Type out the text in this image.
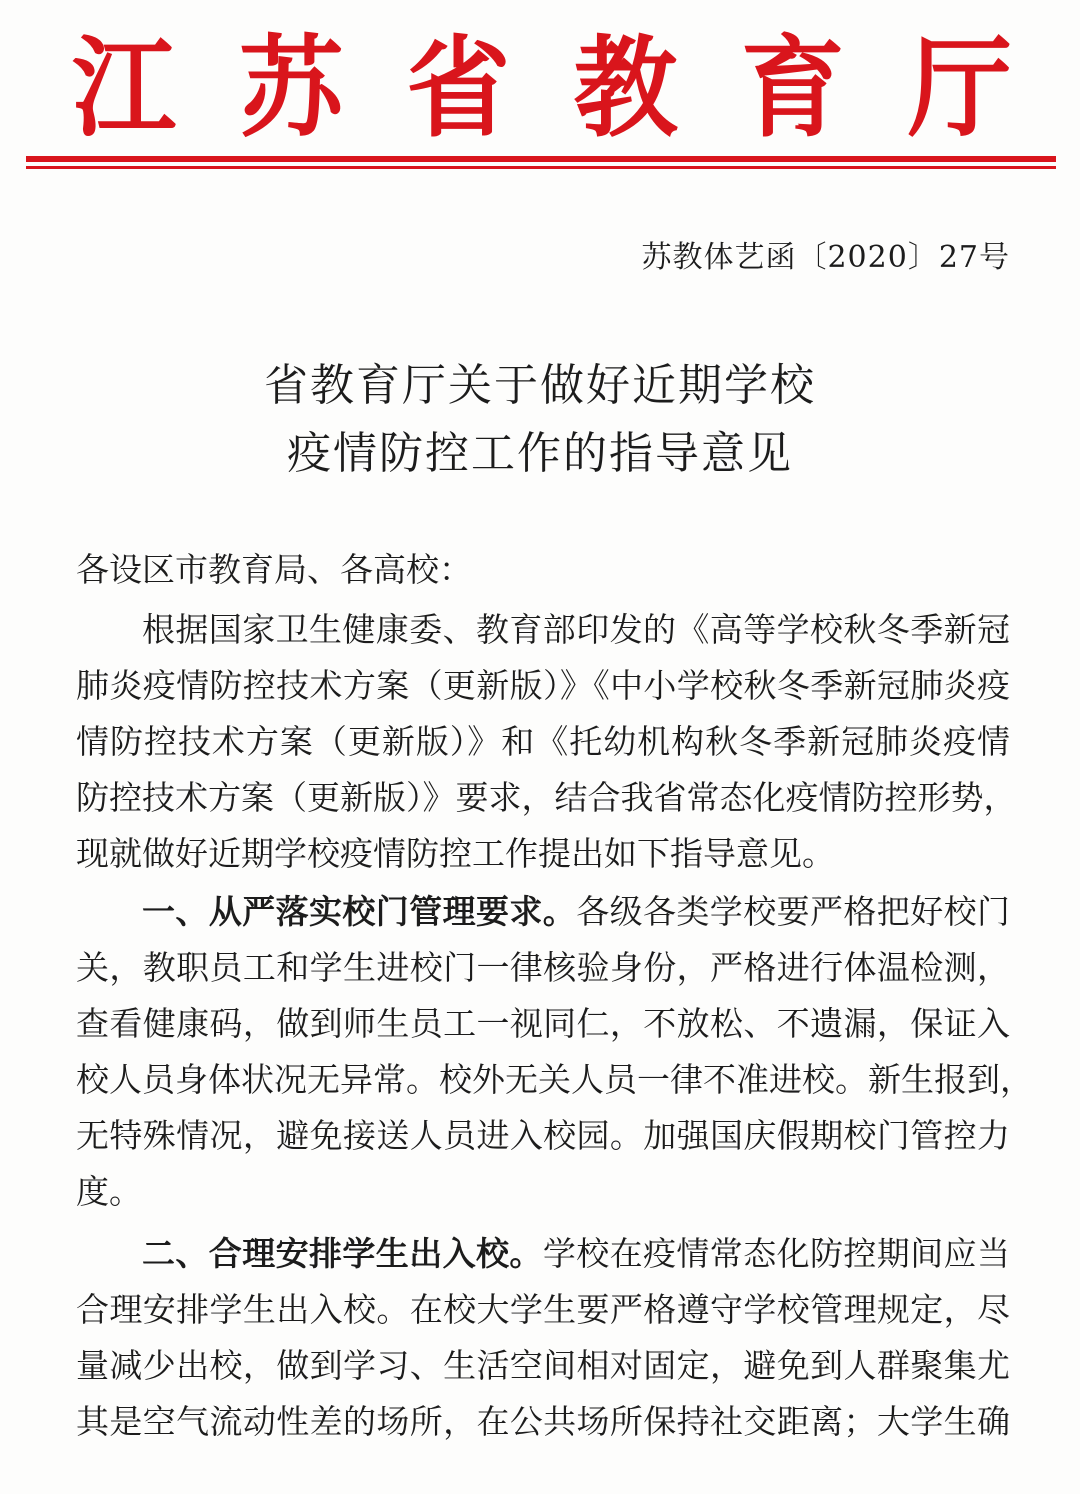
江 苏 省 教 育 厅
苏教体艺函〔2020〕27号
省教育厅关于做好近期学校
疫情防控工作的指导意见
各设区市教育局、各高校：
根据国家卫生健康委、教育部印发的《高等学校秋冬季新冠
肺炎疫情防控技术方案（更新版）》《中小学校秋冬季新冠肺炎疫
情防控技术方案（更新版）》和《托幼机构秋冬季新冠肺炎疫情
防控技术方案（更新版）》要求，结合我省常态化疫情防控形势，
现就做好近期学校疫情防控工作提出如下指导意见。
一、从严落实校门管理要求。各级各类学校要严格把好校门
关，教职员工和学生进校门一律核验身份，严格进行体温检测，
查看健康码，做到师生员工一视同仁，不放松、不遗漏，保证入
校人员身体状况无异常。校外无关人员一律不准进校。新生报到，
无特殊情况，避免接送人员进入校园。加强国庆假期校门管控力
度。
二、合理安排学生出入校。学校在疫情常态化防控期间应当
合理安排学生出入校。在校大学生要严格遵守学校管理规定，尽
量减少出校，做到学习、生活空间相对固定，避免到人群聚集尤
其是空气流动性差的场所，在公共场所保持社交距离；大学生确
